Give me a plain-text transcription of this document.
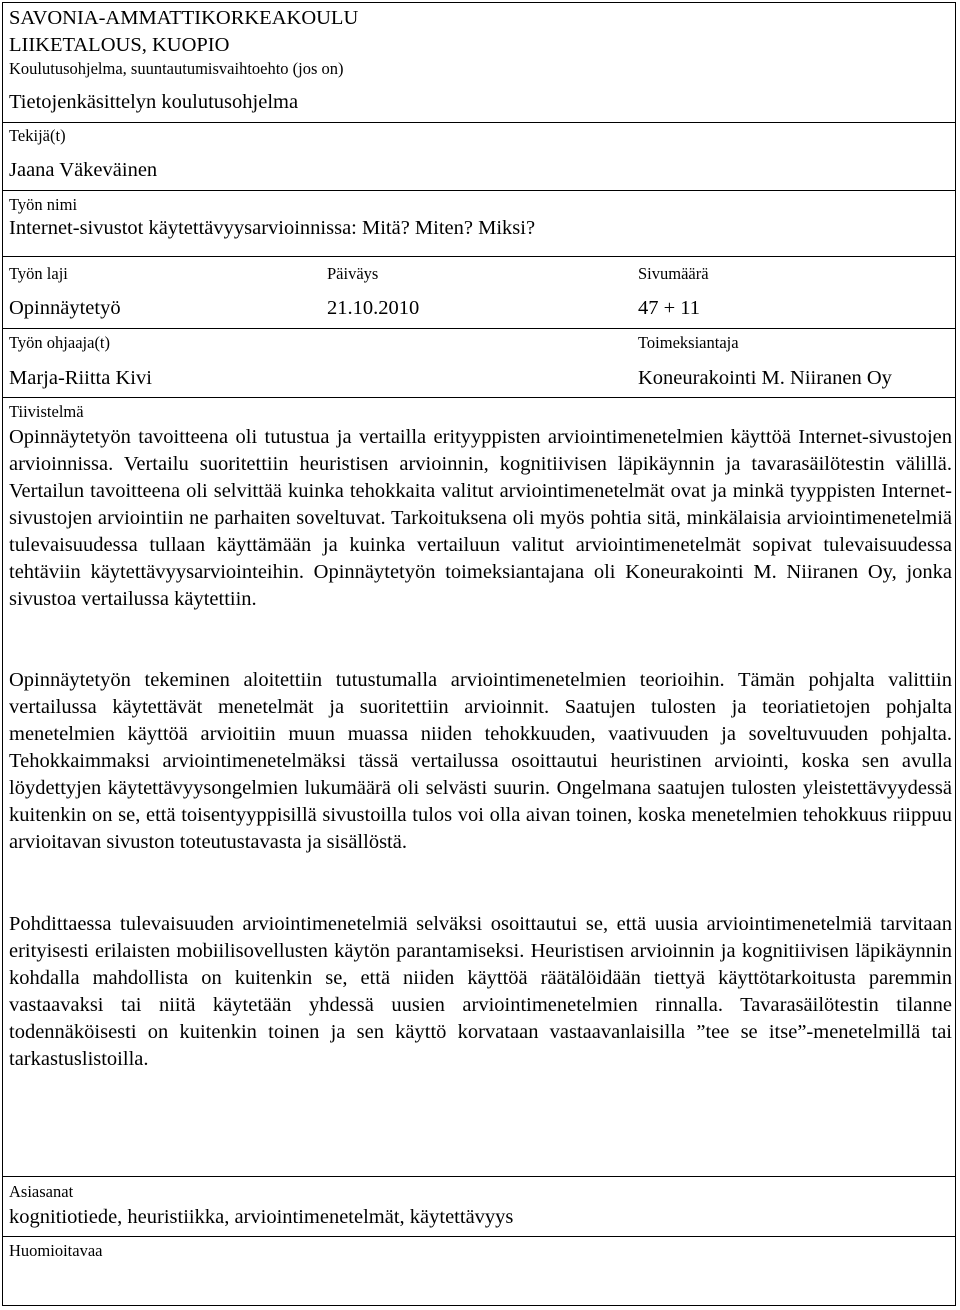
SAVONIA-AMMATTIKORKEAKOULU
LIIKETALOUS, KUOPIO
Koulutusohjelma, suuntautumisvaihtoehto (jos on)
Tietojenkäsittelyn koulutusohjelma
Tekijä(t)
Jaana Väkeväinen
Työn nimi
Internet-sivustot käytettävyysarvioinnissa: Mitä? Miten? Miksi?
Työn laji	Päiväys	Sivumäärä
Opinnäytetyö	21.10.2010	47 + 11
Työn ohjaaja(t)	Toimeksiantaja
Marja-Riitta Kivi	Koneurakointi M. Niiranen Oy
Tiivistelmä

Opinnäytetyön tavoitteena oli tutustua ja vertailla erityyppisten arviointimenetelmien käyttöä Internet-sivustojen arvioinnissa. Vertailu suoritettiin heuristisen arvioinnin, kognitiivisen läpikäynnin ja tavarasäilötestin välillä. Vertailun tavoitteena oli selvittää kuinka tehokkaita valitut arviointimenetelmät ovat ja minkä tyyppisten Internet-sivustojen arviointiin ne parhaiten soveltuvat. Tarkoituksena oli myös pohtia sitä, minkälaisia arviointimenetelmiä tulevaisuudessa tullaan käyttämään ja kuinka vertailuun valitut arviointimenetelmät sopivat tulevaisuudessa tehtäviin käytettävyysarviointeihin. Opinnäytetyön toimeksiantajana oli Koneurakointi M. Niiranen Oy, jonka sivustoa vertailussa käytettiin.

Opinnäytetyön tekeminen aloitettiin tutustumalla arviointimenetelmien teorioihin. Tämän pohjalta valittiin vertailussa käytettävät menetelmät ja suoritettiin arvioinnit. Saatujen tulosten ja teoriatietojen pohjalta menetelmien käyttöä arvioitiin muun muassa niiden tehokkuuden, vaativuuden ja soveltuvuuden pohjalta. Tehokkaimmaksi arviointimenetelmäksi tässä vertailussa osoittautui heuristinen arviointi, koska sen avulla löydettyjen käytettävyysongelmien lukumäärä oli selvästi suurin. Ongelmana saatujen tulosten yleistettävyydessä kuitenkin on se, että toisentyyppisillä sivustoilla tulos voi olla aivan toinen, koska menetelmien tehokkuus riippuu arvioitavan sivuston toteutustavasta ja sisällöstä.

Pohdittaessa tulevaisuuden arviointimenetelmiä selväksi osoittautui se, että uusia arviointimenetelmiä tarvitaan erityisesti erilaisten mobiilisovellusten käytön parantamiseksi. Heuristisen arvioinnin ja kognitiivisen läpikäynnin kohdalla mahdollista on kuitenkin se, että niiden käyttöä räätälöidään tiettyä käyttötarkoitusta paremmin vastaavaksi tai niitä käytetään yhdessä uusien arviointimenetelmien rinnalla. Tavarasäilötestin tilanne todennäköisesti on kuitenkin toinen ja sen käyttö korvataan vastaavanlaisilla ”tee se itse”-menetelmillä tai tarkastuslistoilla.

Asiasanat
kognitiotiede, heuristiikka, arviointimenetelmät, käytettävyys
Huomioitavaa
